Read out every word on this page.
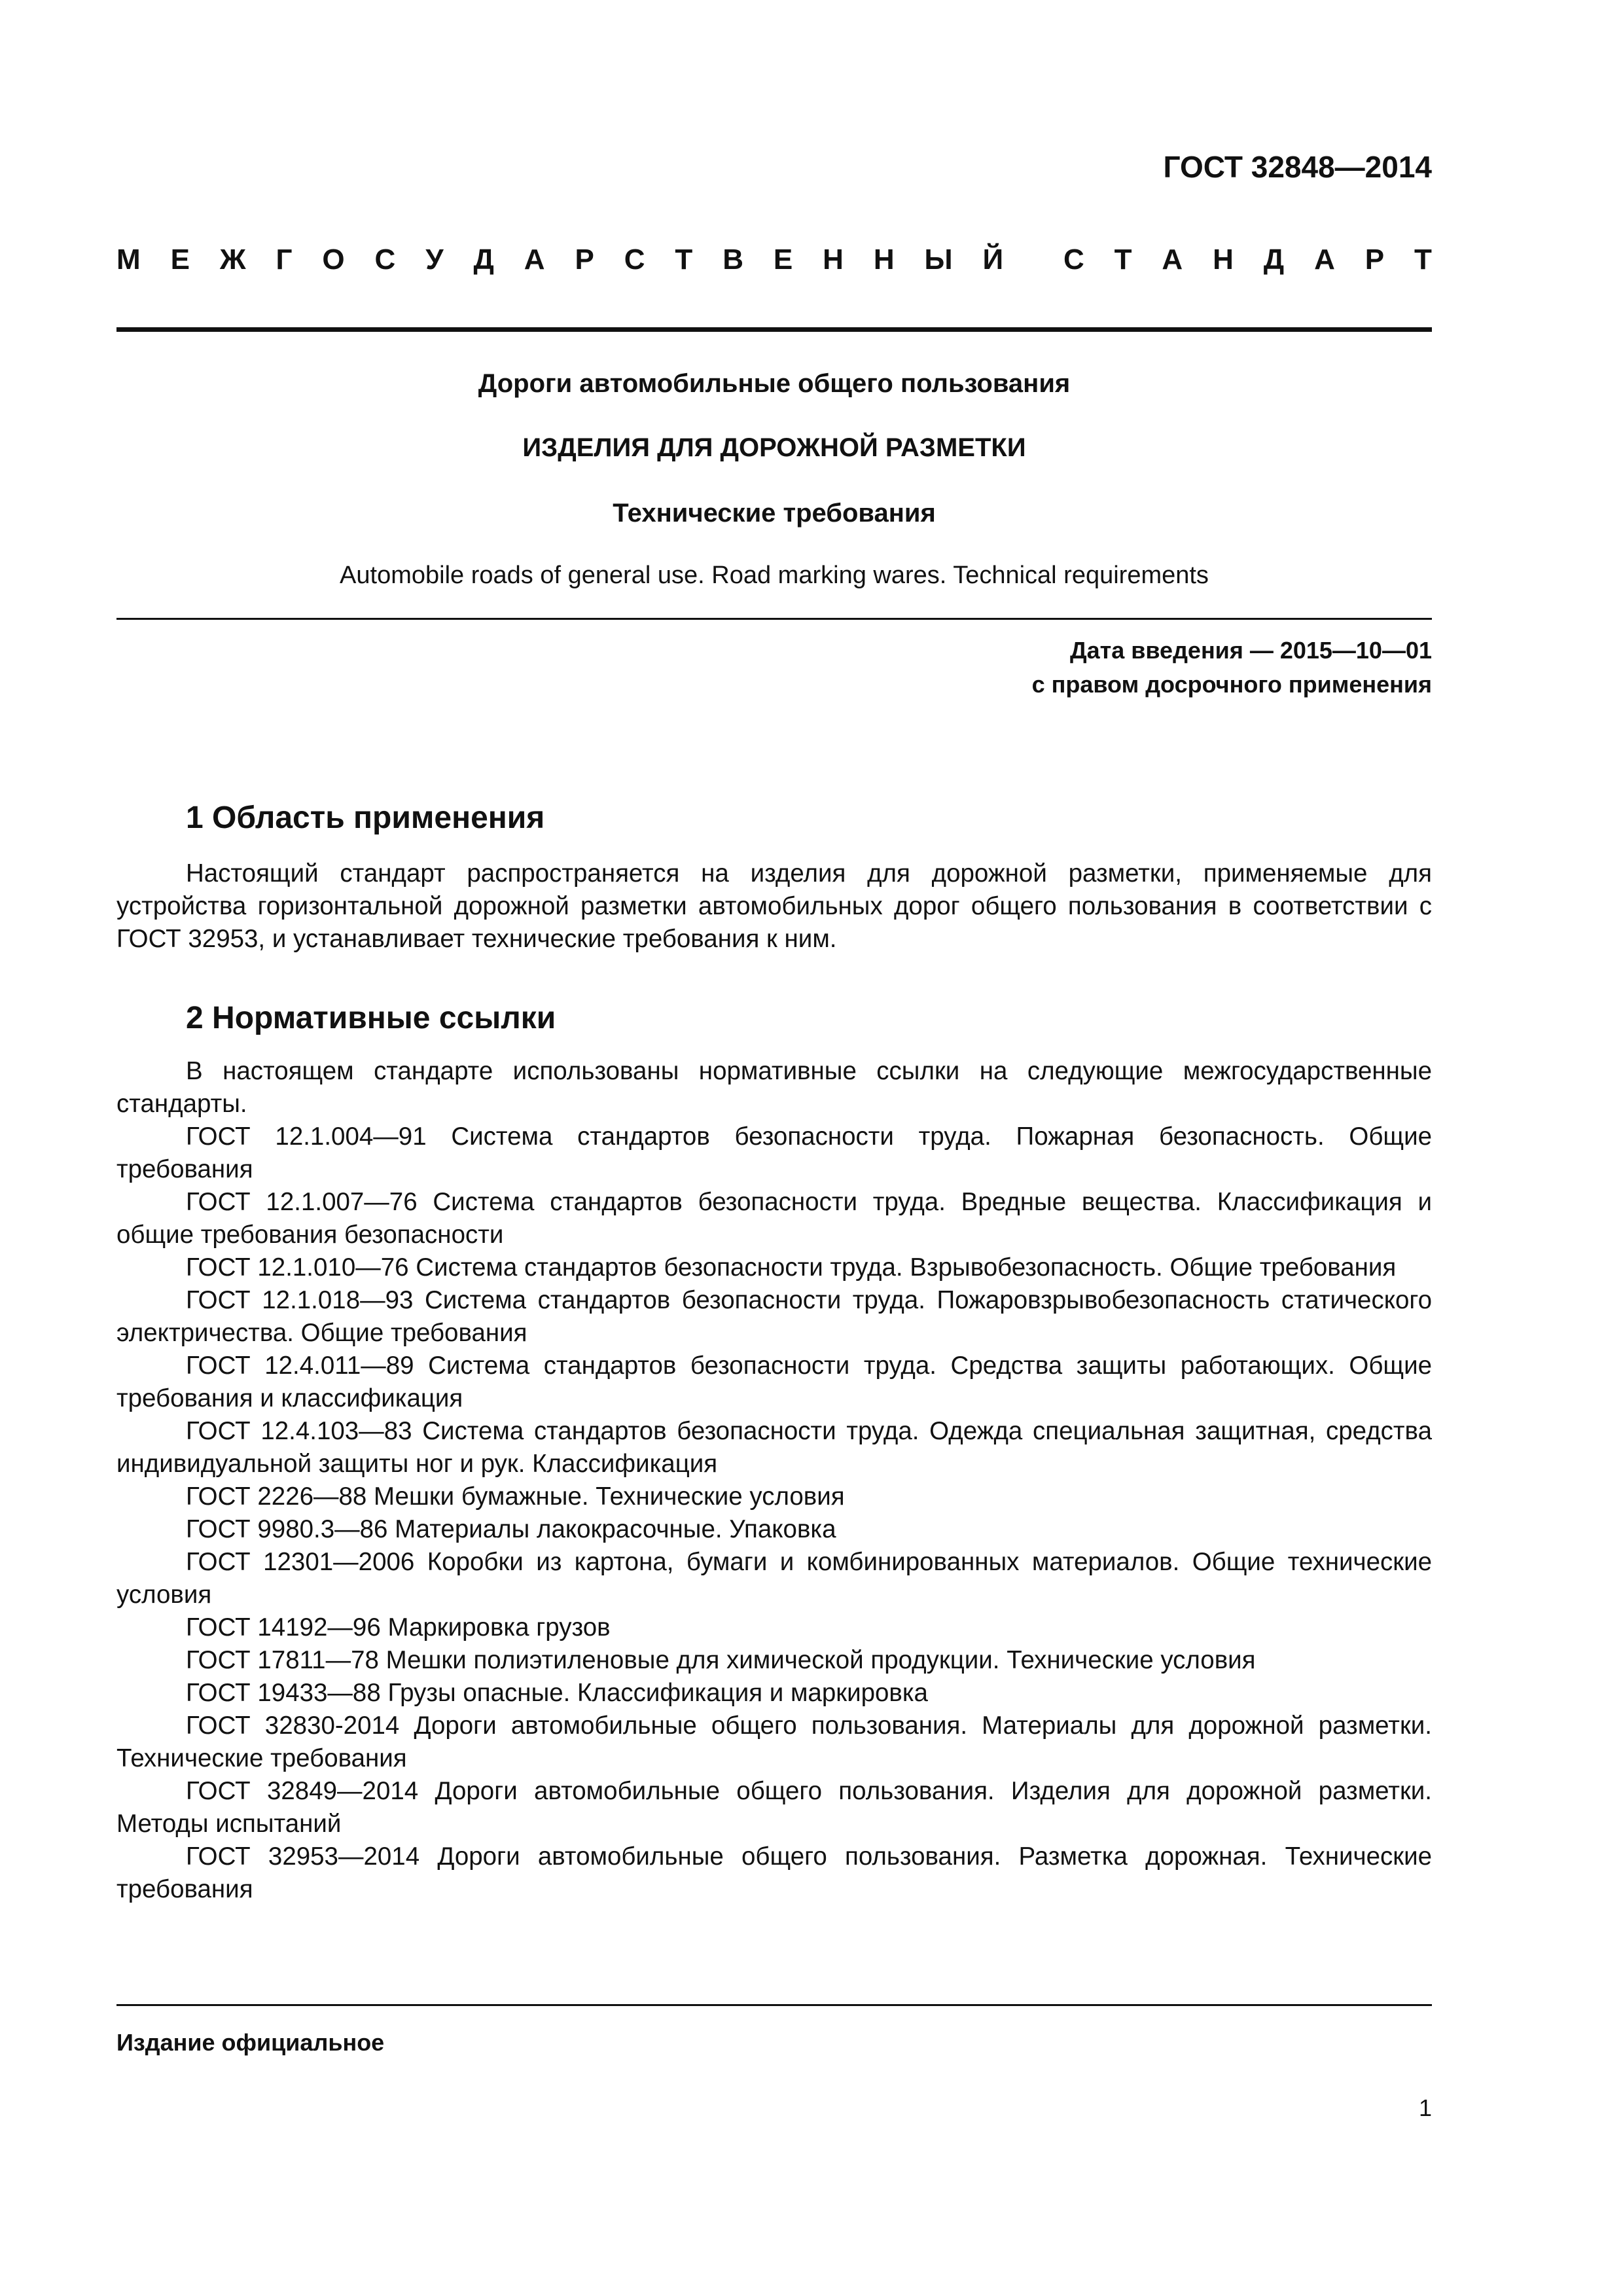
ГОСТ 32848—2014
М Е Ж Г О С У Д А Р С Т В Е Н Н Ы Й С Т А Н Д А Р Т
Дороги автомобильные общего пользования
ИЗДЕЛИЯ ДЛЯ ДОРОЖНОЙ РАЗМЕТКИ
Технические требования
Automobile roads of general use. Road marking wares. Technical requirements
Дата введения — 2015—10—01
с правом досрочного применения
1 Область применения

Настоящий стандарт распространяется на изделия для дорожной разметки, применяемые для устройства горизонтальной дорожной разметки автомобильных дорог общего пользования в соответствии с ГОСТ 32953, и устанавливает технические требования к ним.

2 Нормативные ссылки

В настоящем стандарте использованы нормативные ссылки на следующие межгосударственные стандарты.

ГОСТ 12.1.004—91 Система стандартов безопасности труда. Пожарная безопасность. Общие требования

ГОСТ 12.1.007—76 Система стандартов безопасности труда. Вредные вещества. Классификация и общие требования безопасности

ГОСТ 12.1.010—76 Система стандартов безопасности труда. Взрывобезопасность. Общие требования

ГОСТ 12.1.018—93 Система стандартов безопасности труда. Пожаровзрывобезопасность статического электричества. Общие требования

ГОСТ 12.4.011—89 Система стандартов безопасности труда. Средства защиты работающих. Общие требования и классификация

ГОСТ 12.4.103—83 Система стандартов безопасности труда. Одежда специальная защитная, средства индивидуальной защиты ног и рук. Классификация

ГОСТ 2226—88 Мешки бумажные. Технические условия

ГОСТ 9980.3—86 Материалы лакокрасочные. Упаковка

ГОСТ 12301—2006 Коробки из картона, бумаги и комбинированных материалов. Общие технические условия

ГОСТ 14192—96 Маркировка грузов

ГОСТ 17811—78 Мешки полиэтиленовые для химической продукции. Технические условия

ГОСТ 19433—88 Грузы опасные. Классификация и маркировка

ГОСТ 32830-2014 Дороги автомобильные общего пользования. Материалы для дорожной разметки. Технические требования

ГОСТ 32849—2014 Дороги автомобильные общего пользования. Изделия для дорожной разметки. Методы испытаний

ГОСТ 32953—2014 Дороги автомобильные общего пользования. Разметка дорожная. Технические требования

Издание официальное
1
